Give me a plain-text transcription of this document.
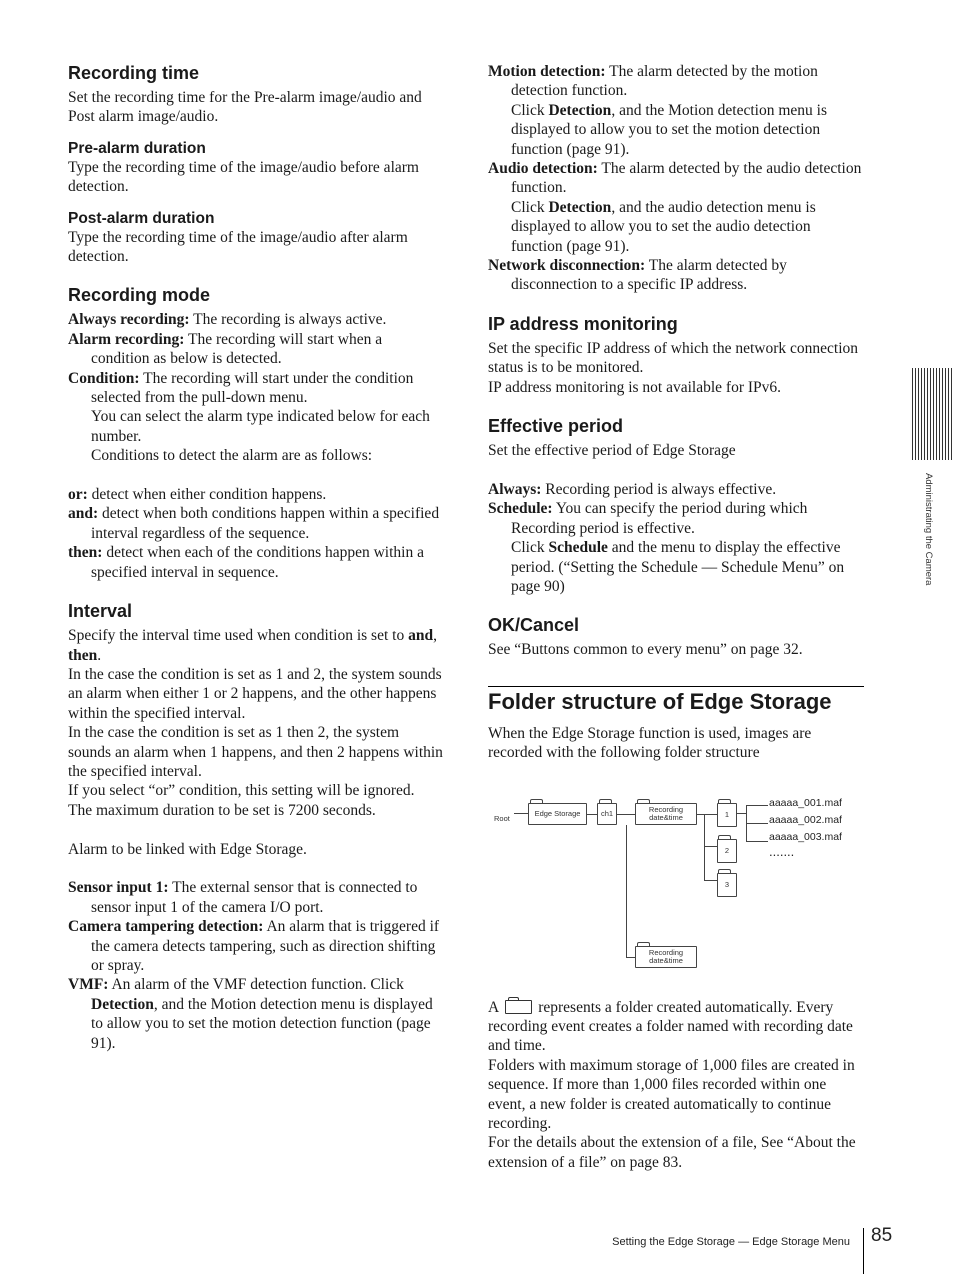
Recording time

Set the recording time for the Pre-alarm image/audio and Post alarm image/audio.

Pre-alarm duration

Type the recording time of the image/audio before alarm detection.

Post-alarm duration

Type the recording time of the image/audio after alarm detection.

Recording mode

Always recording: The recording is always active.

Alarm recording: The recording will start when a condition as below is detected.

Condition: The recording will start under the condition selected from the pull-down menu.

You can select the alarm type indicated below for each number.

Conditions to detect the alarm are as follows:

or: detect when either condition happens.

and: detect when both conditions happen within a specified interval regardless of the sequence.

then: detect when each of the conditions happen within a specified interval in sequence.

Interval

Specify the interval time used when condition is set to and, then.

In the case the condition is set as 1 and 2, the system sounds an alarm when either 1 or 2 happens, and the other happens within the specified interval.

In the case the condition is set as 1 then 2, the system sounds an alarm when 1 happens, and then 2 happens within the specified interval.

If you select “or” condition, this setting will be ignored.

The maximum duration to be set is 7200 seconds.

Alarm to be linked with Edge Storage.

Sensor input 1: The external sensor that is connected to sensor input 1 of the camera I/O port.

Camera tampering detection: An alarm that is triggered if the camera detects tampering, such as direction shifting or spray.

VMF: An alarm of the VMF detection function. Click Detection, and the Motion detection menu is displayed to allow you to set the motion detection function (page 91).

Motion detection: The alarm detected by the motion detection function.

Click Detection, and the Motion detection menu is displayed to allow you to set the motion detection function (page 91).

Audio detection: The alarm detected by the audio detection function.

Click Detection, and the audio detection menu is displayed to allow you to set the audio detection function (page 91).

Network disconnection: The alarm detected by disconnection to a specific IP address.

IP address monitoring

Set the specific IP address of which the network connection status is to be monitored.

IP address monitoring is not available for IPv6.

Effective period

Set the effective period of Edge Storage

Always: Recording period is always effective.

Schedule: You can specify the period during which Recording period is effective.

Click Schedule and the menu to display the effective period. (“Setting the Schedule — Schedule Menu” on page 90)

OK/Cancel

See “Buttons common to every menu” on page 32.

Folder structure of Edge Storage

When the Edge Storage function is used, images are recorded with the following folder structure

Root
Edge Storage	ch1	Recording date&time
Recording date&time
1
2
3
aaaaa_001.maf
aaaaa_002.maf
aaaaa_003.maf
.......

A	represents a folder created automatically. Every recording event creates a folder named with recording date and time.

Folders with maximum storage of 1,000 files are created in sequence. If more than 1,000 files recorded within one event, a new folder is created automatically to continue recording.

For the details about the extension of a file, See “About the extension of a file” on page 83.

Administrating the Camera
Setting the Edge Storage — Edge Storage Menu 85
